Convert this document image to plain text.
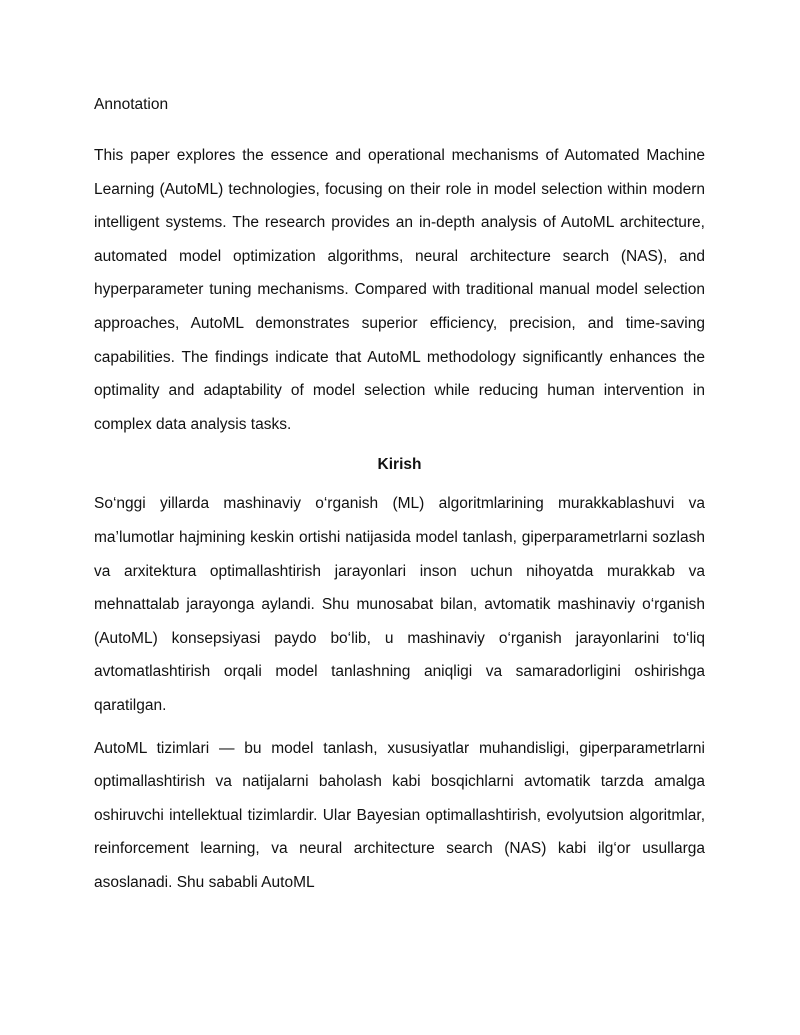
Annotation

This paper explores the essence and operational mechanisms of Automated Machine Learning (AutoML) technologies, focusing on their role in model selection within modern intelligent systems. The research provides an in-depth analysis of AutoML architecture, automated model optimization algorithms, neural architecture search (NAS), and hyperparameter tuning mechanisms. Compared with traditional manual model selection approaches, AutoML demonstrates superior efficiency, precision, and time-saving capabilities. The findings indicate that AutoML methodology significantly enhances the optimality and adaptability of model selection while reducing human intervention in complex data analysis tasks.

Kirish

So‘nggi yillarda mashinaviy o‘rganish (ML) algoritmlarining murakkablashuvi va ma’lumotlar hajmining keskin ortishi natijasida model tanlash, giperparametrlarni sozlash va arxitektura optimallashtirish jarayonlari inson uchun nihoyatda murakkab va mehnattalab jarayonga aylandi. Shu munosabat bilan, avtomatik mashinaviy o‘rganish (AutoML) konsepsiyasi paydo bo‘lib, u mashinaviy o‘rganish jarayonlarini to‘liq avtomatlashtirish orqali model tanlashning aniqligi va samaradorligini oshirishga qaratilgan.

AutoML tizimlari — bu model tanlash, xususiyatlar muhandisligi, giperparametrlarni optimallashtirish va natijalarni baholash kabi bosqichlarni avtomatik tarzda amalga oshiruvchi intellektual tizimlardir. Ular Bayesian optimallashtirish, evolyutsion algoritmlar, reinforcement learning, va neural architecture search (NAS) kabi ilg‘or usullarga asoslanadi. Shu sababli AutoML
